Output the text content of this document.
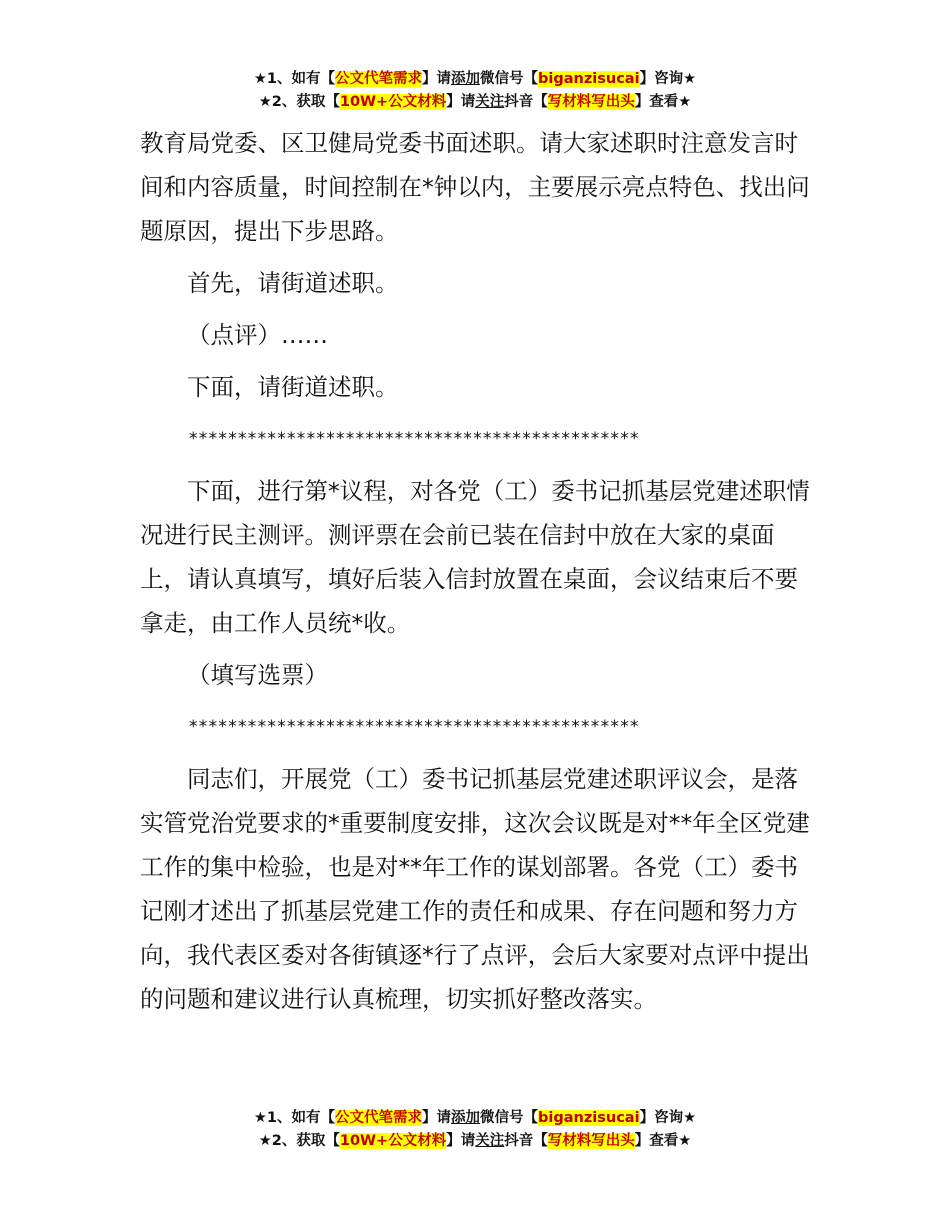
★1、如有【公文代笔需求】请添加微信号【biganzisucai】咨询★
★2、获取【10W+公文材料】请关注抖音【写材料写出头】查看★

教育局党委、区卫健局党委书面述职。请大家述职时注意发言时间和内容质量，时间控制在*钟以内，主要展示亮点特色、找出问题原因，提出下步思路。

首先，请街道述职。

（点评）……

下面，请街道述职。

**********************************************

下面，进行第*议程，对各党（工）委书记抓基层党建述职情况进行民主测评。测评票在会前已装在信封中放在大家的桌面上，请认真填写，填好后装入信封放置在桌面，会议结束后不要拿走，由工作人员统*收。

（填写选票）

**********************************************

同志们，开展党（工）委书记抓基层党建述职评议会，是落实管党治党要求的*重要制度安排，这次会议既是对**年全区党建工作的集中检验，也是对**年工作的谋划部署。各党（工）委书记刚才述出了抓基层党建工作的责任和成果、存在问题和努力方向，我代表区委对各街镇逐*行了点评，会后大家要对点评中提出的问题和建议进行认真梳理，切实抓好整改落实。

★1、如有【公文代笔需求】请添加微信号【biganzisucai】咨询★
★2、获取【10W+公文材料】请关注抖音【写材料写出头】查看★
